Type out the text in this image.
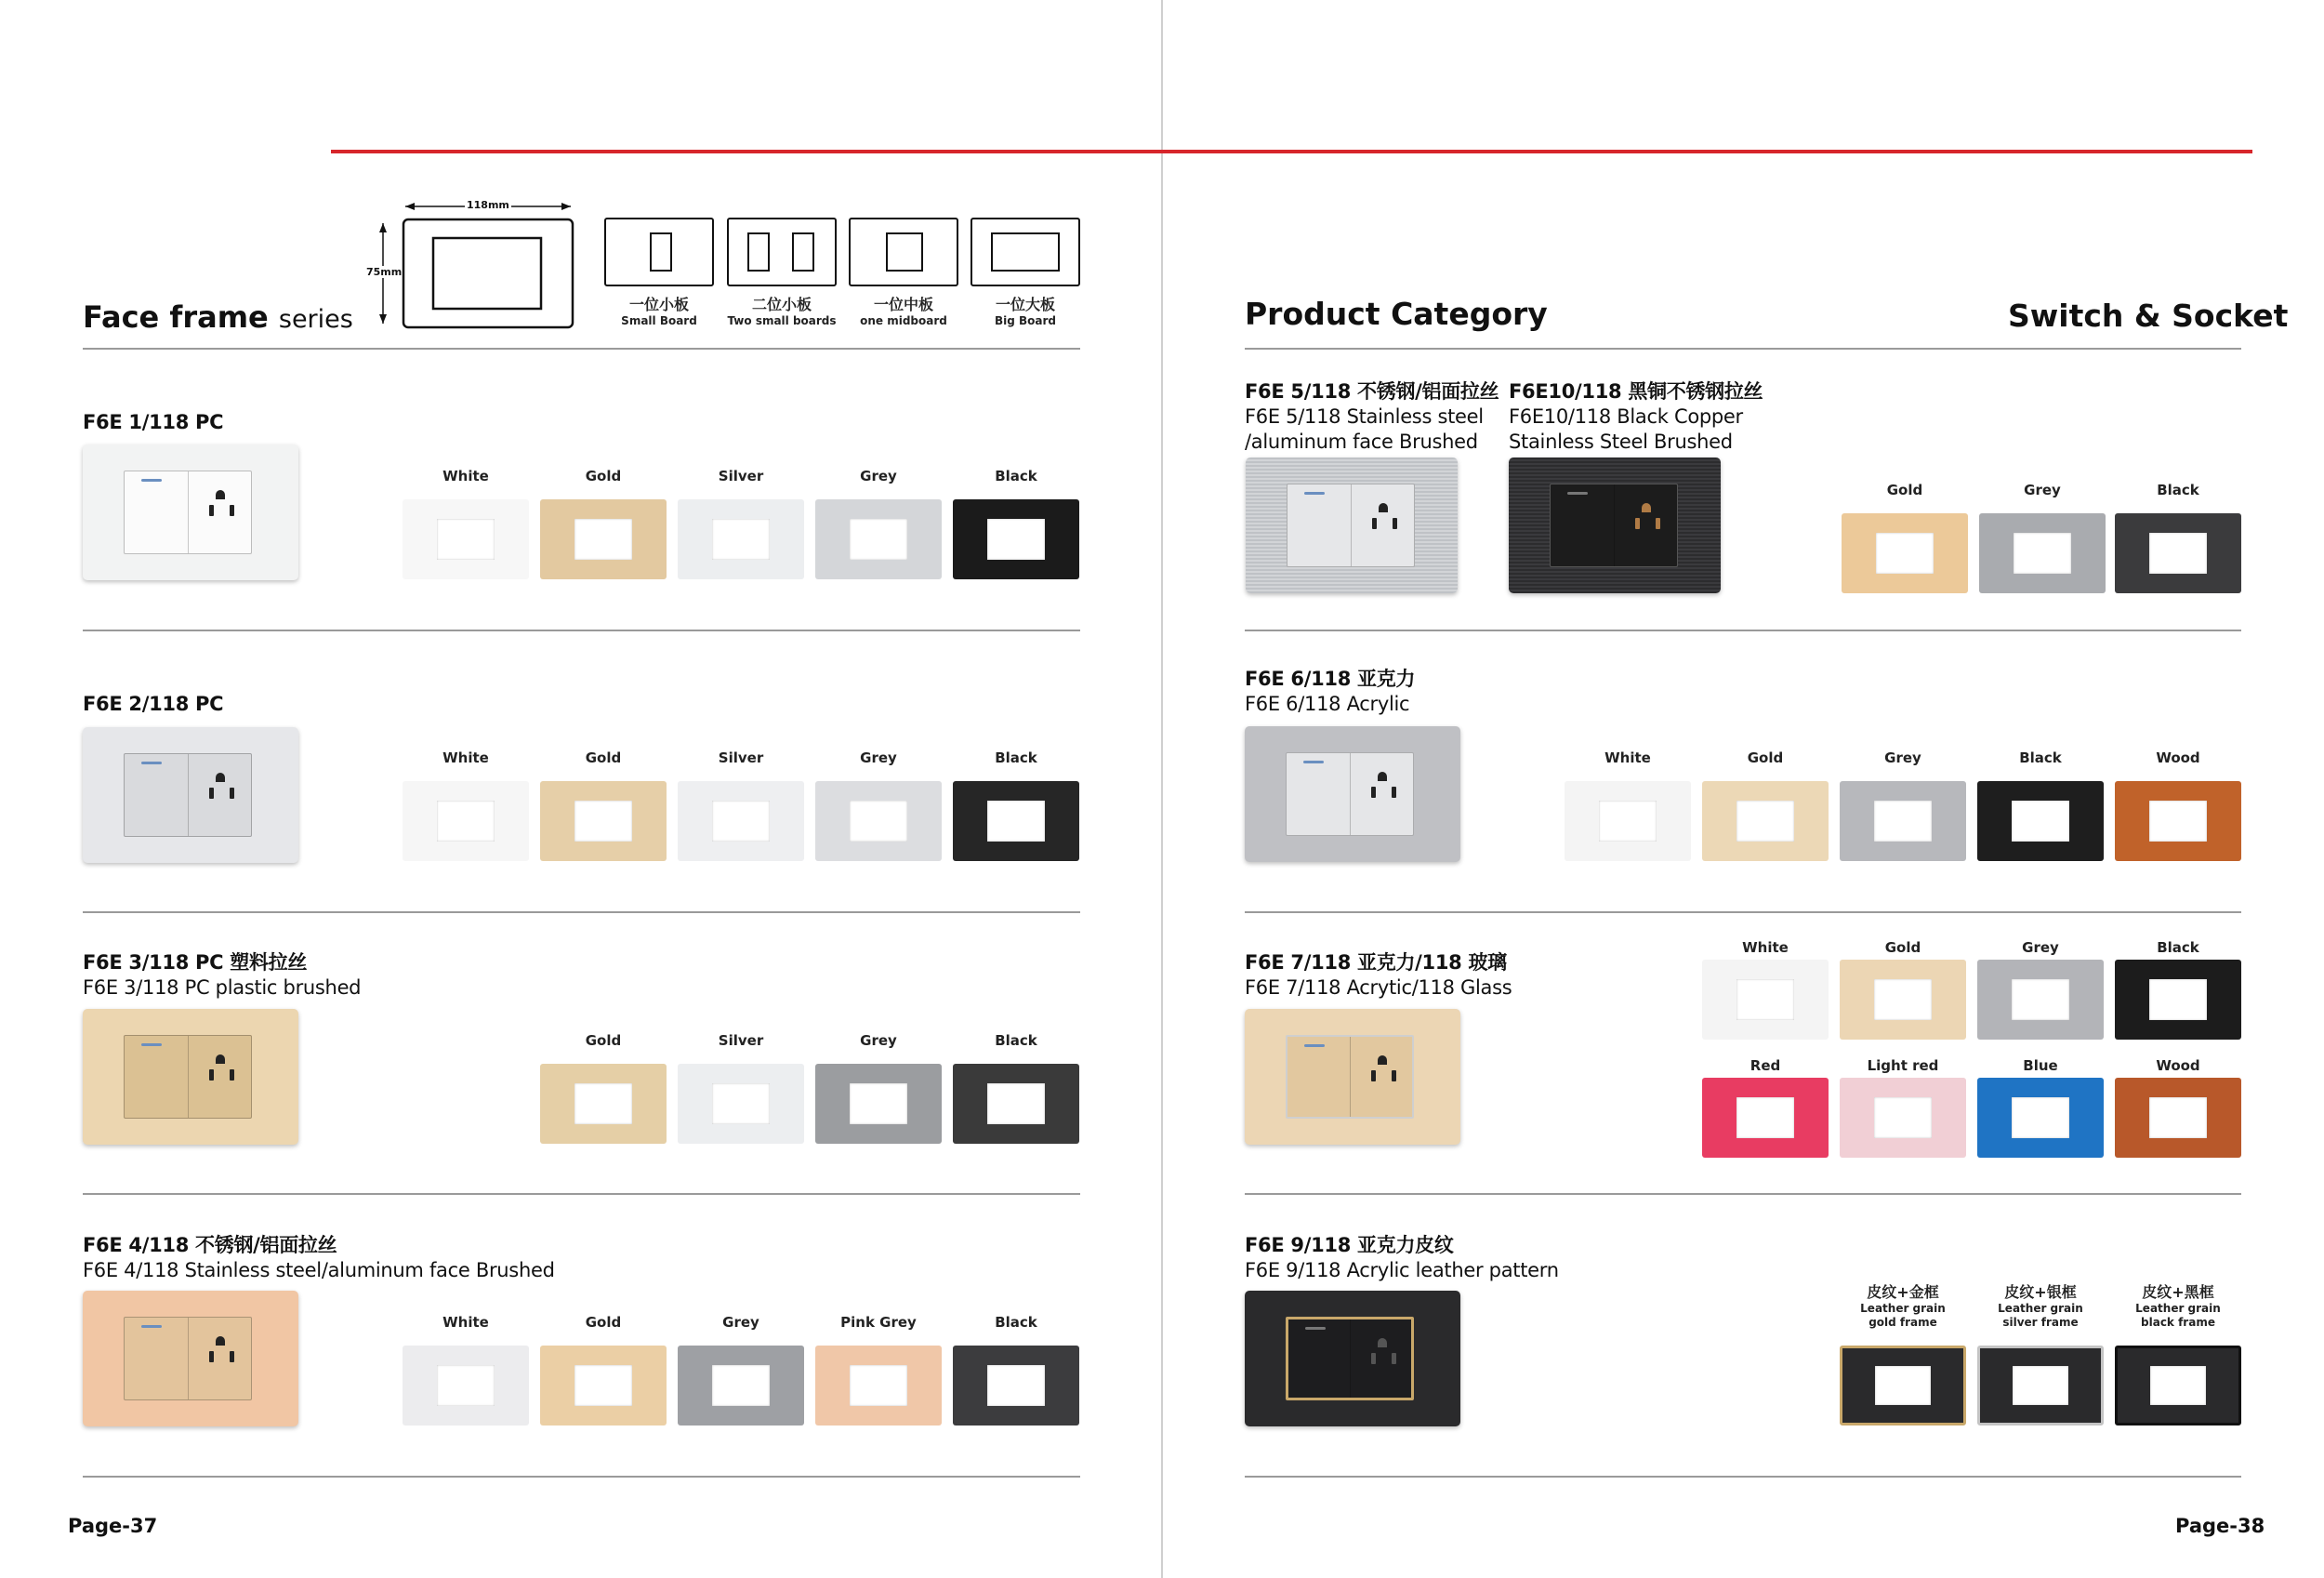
Face frame series
118mm
75mm
一位小板
Small Board
二位小板
Two small boards
一位中板
one midboard
一位大板
Big Board
F6E 1/118 PC
F6E 2/118 PC
F6E 3/118 PC 塑料拉丝
F6E 3/118 PC plastic brushed
F6E 4/118 不锈钢/铝面拉丝
F6E 4/118 Stainless steel/aluminum face Brushed
Page-37
White	Gold	Silver	Grey	Black
White	Gold	Silver	Grey	Black
Gold	Silver	Grey	Black
White	Gold	Grey	Pink Grey	Black
Product Category	Switch & Socket
F6E 5/118 不锈钢/铝面拉丝
F6E 5/118 Stainless steel
/aluminum face Brushed
F6E10/118 黑铜不锈钢拉丝
F6E10/118 Black Copper
Stainless Steel Brushed
F6E 6/118 亚克力
F6E 6/118 Acrylic
F6E 7/118 亚克力/118 玻璃
F6E 7/118 Acrytic/118 Glass
F6E 9/118 亚克力皮纹
F6E 9/118 Acrylic leather pattern
Page-38
Gold	Grey	Black
White	Gold	Grey	Black	Wood
White	Gold	Grey	Black
Red	Light red	Blue	Wood
皮纹+金框
Leather grain
gold frame
皮纹+银框
Leather grain
silver frame
皮纹+黑框
Leather grain
black frame
